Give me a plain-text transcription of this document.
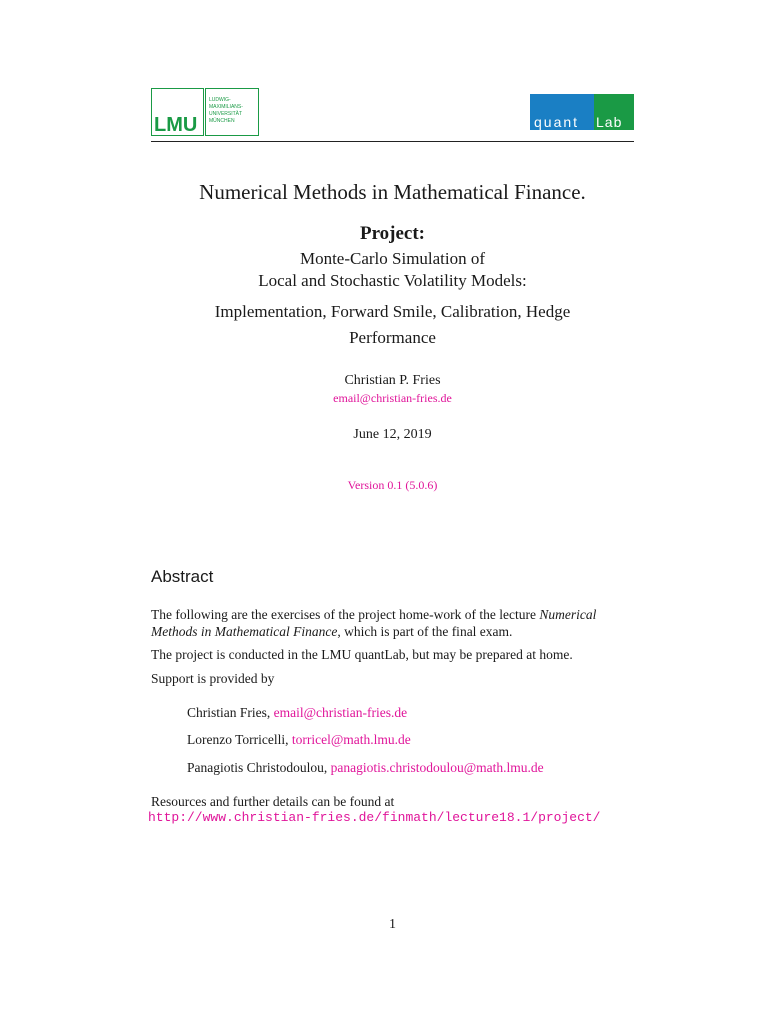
LMU
LUDWIG-
MAXIMILIANS-
UNIVERSITÄT
MÜNCHEN	quant Lab
Numerical Methods in Mathematical Finance.
Project:
Monte-Carlo Simulation of
Local and Stochastic Volatility Models:
Implementation, Forward Smile, Calibration, Hedge
Performance
Christian P. Fries
email@christian-fries.de
June 12, 2019
Version 0.1 (5.0.6)
Abstract
The following are the exercises of the project home-work of the lecture Numerical Methods in Mathematical Finance, which is part of the final exam.
The project is conducted in the LMU quantLab, but may be prepared at home.
Support is provided by
Christian Fries, email@christian-fries.de
Lorenzo Torricelli, torricel@math.lmu.de
Panagiotis Christodoulou, panagiotis.christodoulou@math.lmu.de
Resources and further details can be found at
http://www.christian-fries.de/finmath/lecture18.1/project/
1
